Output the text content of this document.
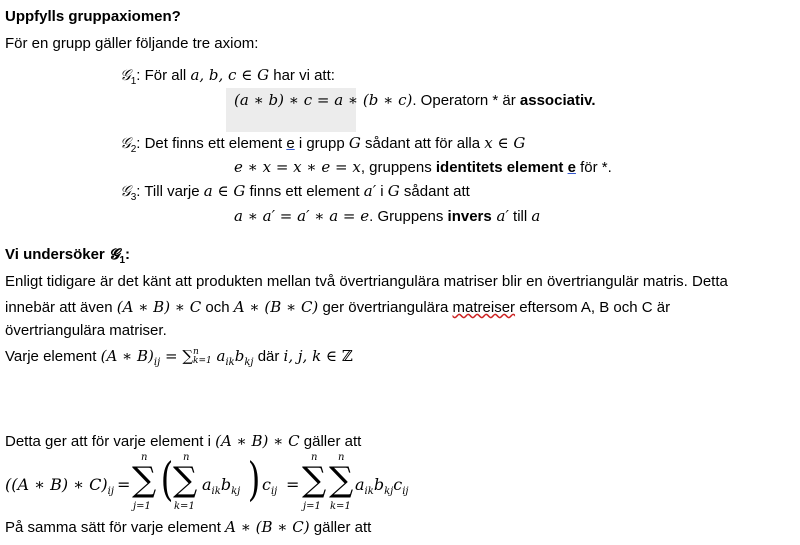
Uppfylls gruppaxiomen?
För en grupp gäller följande tre axiom:
𝒢$_1$: För all a, b, c ∈ G har vi att:
(a ∗ b) ∗ c = a ∗ (b ∗ c). Operatorn * är associativ.
𝒢$_2$: Det finns ett element e i grupp G sådant att för alla x ∈ G
e ∗ x = x ∗ e = x, gruppens identitets element e för *.
𝒢$_3$: Till varje a ∈ G finns ett element a′ i G sådant att
a ∗ a′ = a′ ∗ a = e. Gruppens invers a′ till a
Vi undersöker 𝓖$_1$:
Enligt tidigare är det känt att produkten mellan två övertriangulära matriser blir en övertriangulär matris. Detta
innebär att även (A ∗ B) ∗ C och A ∗ (B ∗ C) ger övertriangulära matreiser eftersom A, B och C är
övertriangulära matriser.
Varje element (A ∗ $B)_{ij}$ = ∑ n
k=1 $a_{ik}b_{kj}$ där i, j, k ∈ ℤ
Detta ger att för varje element i (A ∗ B) ∗ C gäller att
((A ∗ B) ∗ $C)_{ij}$ =
n
∑
j=1
( n
∑
k=1
$a_{ik}b_{kj}$ ) $c_{ij}$ =
n
∑
j=1
n
∑
k=1
$a_{ik}b_{kj}c_{ij}$
På samma sätt för varje element A ∗ (B ∗ C) gäller att
